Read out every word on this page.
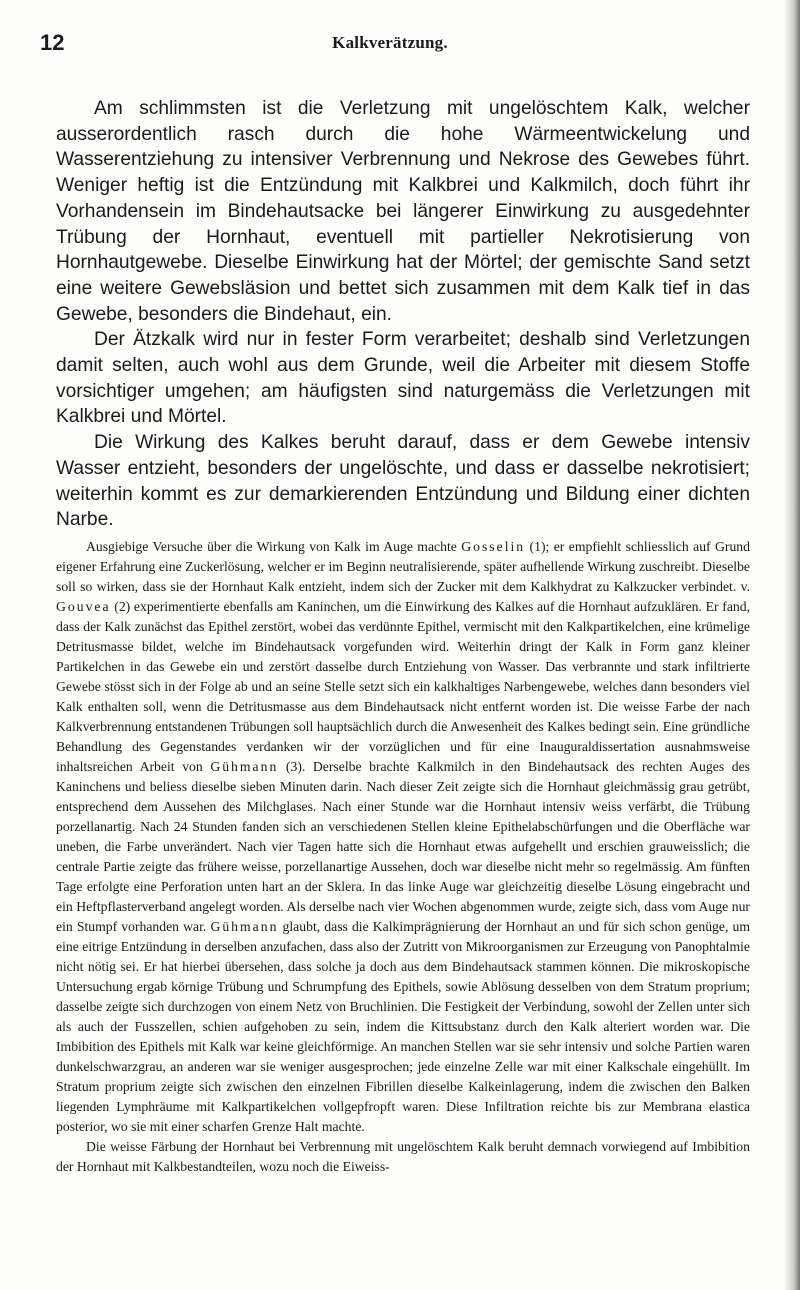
12	Kalkverätzung.

Am schlimmsten ist die Verletzung mit ungelöschtem Kalk, welcher ausserordentlich rasch durch die hohe Wärmeentwickelung und Wasserentziehung zu intensiver Verbrennung und Nekrose des Gewebes führt. Weniger heftig ist die Entzündung mit Kalkbrei und Kalkmilch, doch führt ihr Vorhandensein im Bindehautsacke bei längerer Einwirkung zu ausgedehnter Trübung der Hornhaut, eventuell mit partieller Nekrotisierung von Hornhautgewebe. Dieselbe Einwirkung hat der Mörtel; der gemischte Sand setzt eine weitere Gewebsläsion und bettet sich zusammen mit dem Kalk tief in das Gewebe, besonders die Bindehaut, ein.

Der Ätzkalk wird nur in fester Form verarbeitet; deshalb sind Verletzungen damit selten, auch wohl aus dem Grunde, weil die Arbeiter mit diesem Stoffe vorsichtiger umgehen; am häufigsten sind naturgemäss die Verletzungen mit Kalkbrei und Mörtel.

Die Wirkung des Kalkes beruht darauf, dass er dem Gewebe intensiv Wasser entzieht, besonders der ungelöschte, und dass er dasselbe nekrotisiert; weiterhin kommt es zur demarkierenden Entzündung und Bildung einer dichten Narbe.

Ausgiebige Versuche über die Wirkung von Kalk im Auge machte Gosselin (1); er empfiehlt schliesslich auf Grund eigener Erfahrung eine Zuckerlösung, welcher er im Beginn neutralisierende, später aufhellende Wirkung zuschreibt. Dieselbe soll so wirken, dass sie der Hornhaut Kalk entzieht, indem sich der Zucker mit dem Kalkhydrat zu Kalkzucker verbindet. v. Gouvea (2) experimentierte ebenfalls am Kaninchen, um die Einwirkung des Kalkes auf die Hornhaut aufzuklären. Er fand, dass der Kalk zunächst das Epithel zerstört, wobei das verdünnte Epithel, vermischt mit den Kalkpartikelchen, eine krümelige Detritusmasse bildet, welche im Bindehautsack vorgefunden wird. Weiterhin dringt der Kalk in Form ganz kleiner Partikelchen in das Gewebe ein und zerstört dasselbe durch Entziehung von Wasser. Das verbrannte und stark infiltrierte Gewebe stösst sich in der Folge ab und an seine Stelle setzt sich ein kalkhaltiges Narbengewebe, welches dann besonders viel Kalk enthalten soll, wenn die Detritusmasse aus dem Bindehautsack nicht entfernt worden ist. Die weisse Farbe der nach Kalkverbrennung entstandenen Trübungen soll hauptsächlich durch die Anwesenheit des Kalkes bedingt sein. Eine gründliche Behandlung des Gegenstandes verdanken wir der vorzüglichen und für eine Inauguraldissertation ausnahmsweise inhaltsreichen Arbeit von Gühmann (3). Derselbe brachte Kalkmilch in den Bindehautsack des rechten Auges des Kaninchens und beliess dieselbe sieben Minuten darin. Nach dieser Zeit zeigte sich die Hornhaut gleichmässig grau getrübt, entsprechend dem Aussehen des Milchglases. Nach einer Stunde war die Hornhaut intensiv weiss verfärbt, die Trübung porzellanartig. Nach 24 Stunden fanden sich an verschiedenen Stellen kleine Epithelabschürfungen und die Oberfläche war uneben, die Farbe unverändert. Nach vier Tagen hatte sich die Hornhaut etwas aufgehellt und erschien grauweisslich; die centrale Partie zeigte das frühere weisse, porzellanartige Aussehen, doch war dieselbe nicht mehr so regelmässig. Am fünften Tage erfolgte eine Perforation unten hart an der Sklera. In das linke Auge war gleichzeitig dieselbe Lösung eingebracht und ein Heftpflasterverband angelegt worden. Als derselbe nach vier Wochen abgenommen wurde, zeigte sich, dass vom Auge nur ein Stumpf vorhanden war. Gühmann glaubt, dass die Kalkimprägnierung der Hornhaut an und für sich schon genüge, um eine eitrige Entzündung in derselben anzufachen, dass also der Zutritt von Mikroorganismen zur Erzeugung von Panophtalmie nicht nötig sei. Er hat hierbei übersehen, dass solche ja doch aus dem Bindehautsack stammen können. Die mikroskopische Untersuchung ergab körnige Trübung und Schrumpfung des Epithels, sowie Ablösung desselben von dem Stratum proprium; dasselbe zeigte sich durchzogen von einem Netz von Bruchlinien. Die Festigkeit der Verbindung, sowohl der Zellen unter sich als auch der Fusszellen, schien aufgehoben zu sein, indem die Kittsubstanz durch den Kalk alteriert worden war. Die Imbibition des Epithels mit Kalk war keine gleichförmige. An manchen Stellen war sie sehr intensiv und solche Partien waren dunkelschwarzgrau, an anderen war sie weniger ausgesprochen; jede einzelne Zelle war mit einer Kalkschale eingehüllt. Im Stratum proprium zeigte sich zwischen den einzelnen Fibrillen dieselbe Kalkeinlagerung, indem die zwischen den Balken liegenden Lymphräume mit Kalkpartikelchen vollgepfropft waren. Diese Infiltration reichte bis zur Membrana elastica posterior, wo sie mit einer scharfen Grenze Halt machte.

Die weisse Färbung der Hornhaut bei Verbrennung mit ungelöschtem Kalk beruht demnach vorwiegend auf Imbibition der Hornhaut mit Kalkbestandteilen, wozu noch die Eiweiss-
